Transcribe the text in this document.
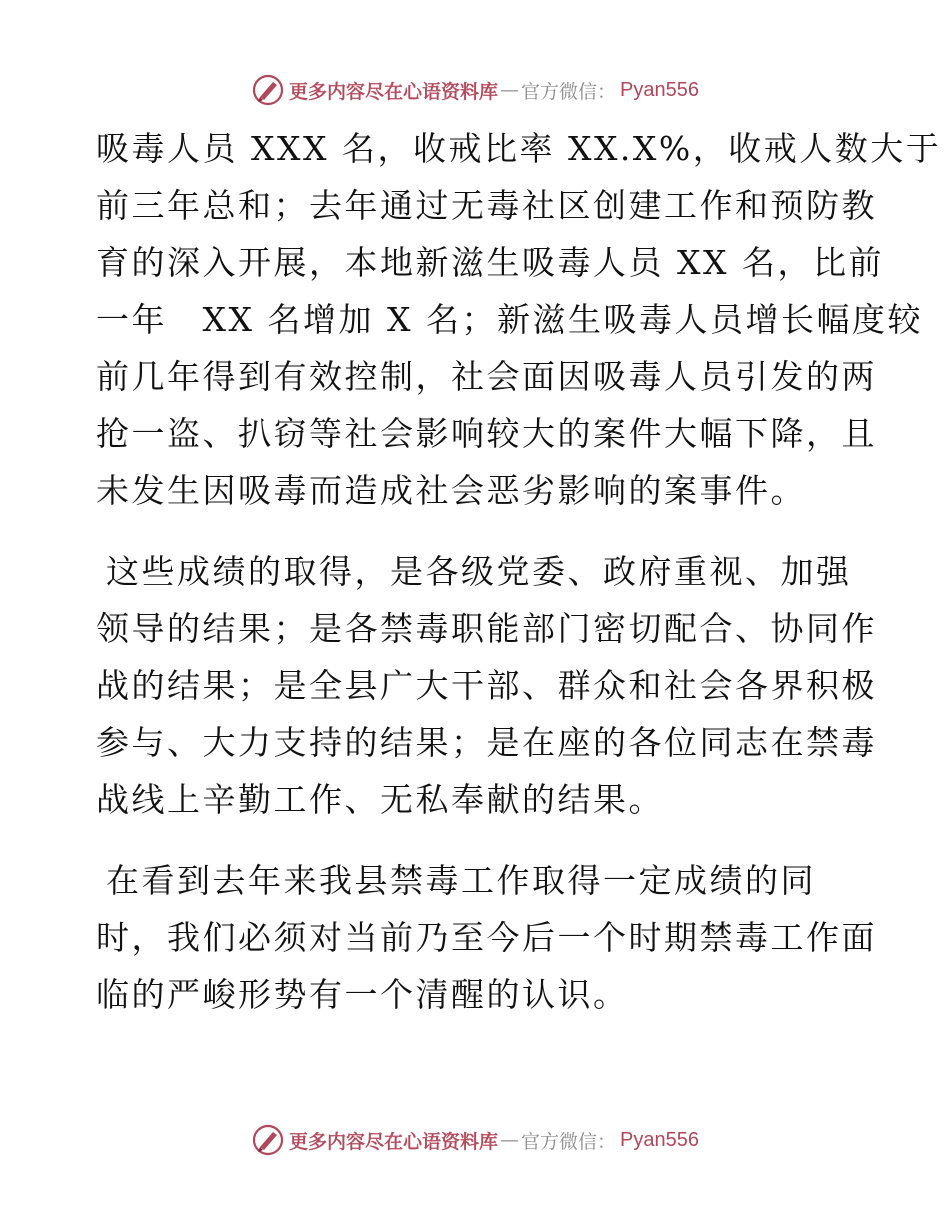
更多内容尽在心语资料库 — 官方微信： Pyan556
吸毒人员 XXX 名，收戒比率 XX.X%，收戒人数大于
前三年总和；去年通过无毒社区创建工作和预防教
育的深入开展，本地新滋生吸毒人员 XX 名，比前
一年　XX 名增加 X 名；新滋生吸毒人员增长幅度较
前几年得到有效控制，社会面因吸毒人员引发的两
抢一盗、扒窃等社会影响较大的案件大幅下降，且
未发生因吸毒而造成社会恶劣影响的案事件。
这些成绩的取得，是各级党委、政府重视、加强
领导的结果；是各禁毒职能部门密切配合、协同作
战的结果；是全县广大干部、群众和社会各界积极
参与、大力支持的结果；是在座的各位同志在禁毒
战线上辛勤工作、无私奉献的结果。
在看到去年来我县禁毒工作取得一定成绩的同
时，我们必须对当前乃至今后一个时期禁毒工作面
临的严峻形势有一个清醒的认识。
更多内容尽在心语资料库 — 官方微信： Pyan556
